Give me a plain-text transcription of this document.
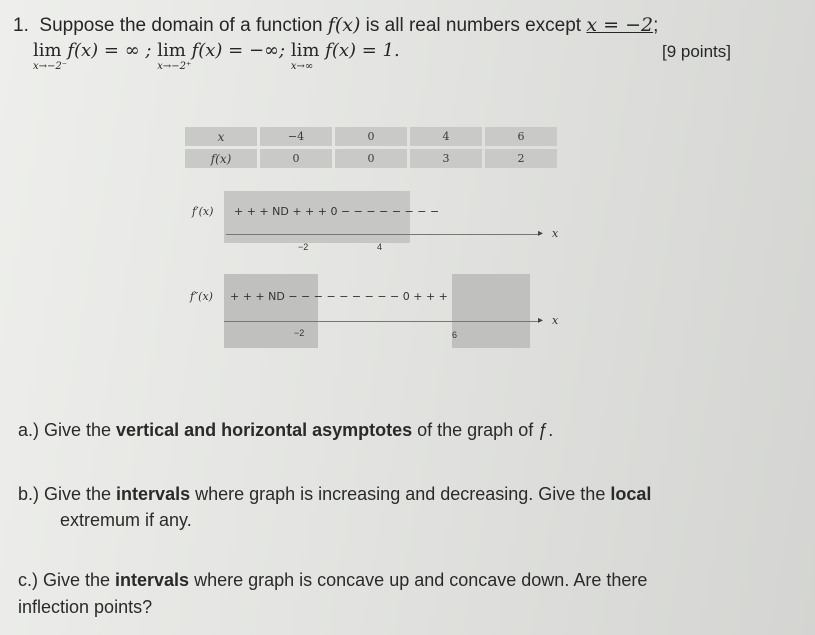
1. Suppose the domain of a function f(x) is all real numbers except x = −2;
lim
x→−2⁻
f(x) = ∞ ; lim
x→−2⁺
f(x) = −∞; lim
x→∞
f(x) = 1.	[9 points]
x	−4	0	4	6
f(x)	0	0	3	2
f′(x) + + + ND + + + 0 − − − − − − − −
▸ x
−2	4
f″(x) + + + ND − − − − − − − − − 0 + + +
▸ x
−2	6
a.) Give the vertical and horizontal asymptotes of the graph of ƒ.
b.) Give the intervals where graph is increasing and decreasing. Give the local
extremum if any.
c.) Give the intervals where graph is concave up and concave down. Are there
inflection points?
